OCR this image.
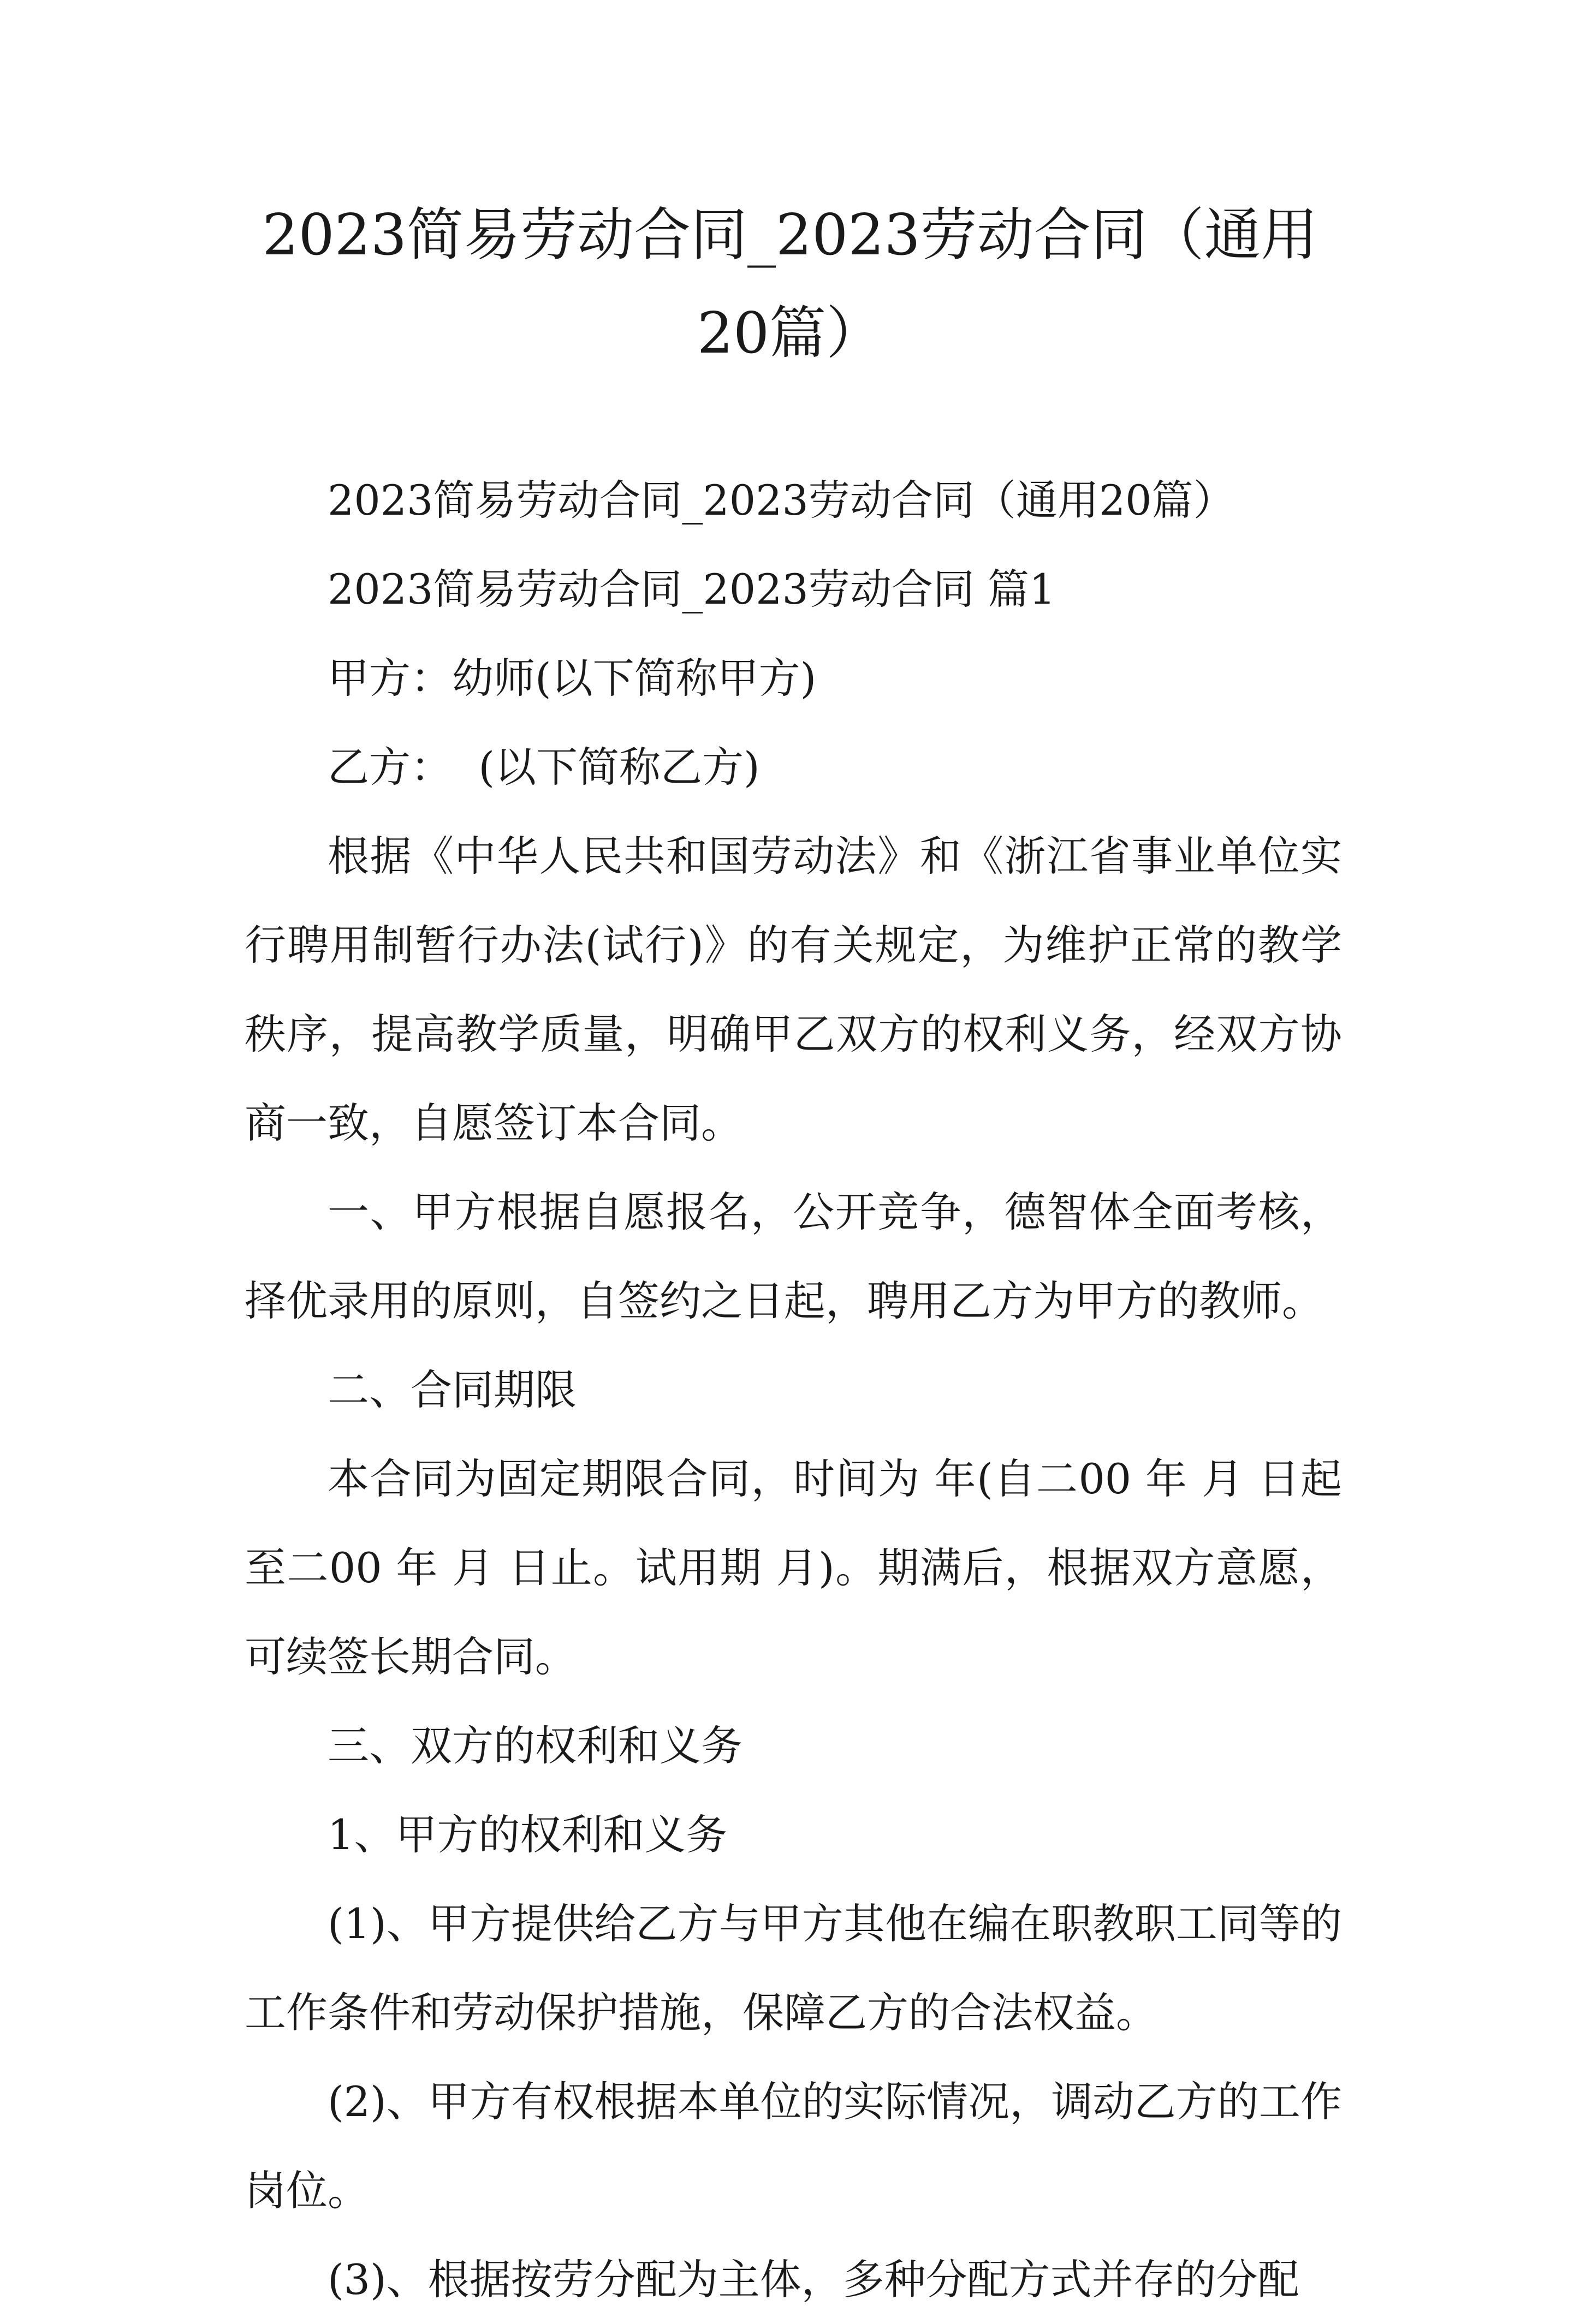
2023简易劳动合同_2023劳动合同（通用20篇）

2023简易劳动合同_2023劳动合同（通用20篇）

2023简易劳动合同_2023劳动合同 篇1

甲方：幼师(以下简称甲方)

乙方：  (以下简称乙方)

根据《中华人民共和国劳动法》和《浙江省事业单位实行聘用制暂行办法(试行)》的有关规定，为维护正常的教学秩序，提高教学质量，明确甲乙双方的权利义务，经双方协商一致，自愿签订本合同。

一、甲方根据自愿报名，公开竞争，德智体全面考核，择优录用的原则，自签约之日起，聘用乙方为甲方的教师。

二、合同期限

本合同为固定期限合同，时间为 年(自二00 年 月 日起至二00 年 月 日止。试用期 月)。期满后，根据双方意愿，可续签长期合同。

三、双方的权利和义务

1、甲方的权利和义务

(1)、甲方提供给乙方与甲方其他在编在职教职工同等的工作条件和劳动保护措施，保障乙方的合法权益。

(2)、甲方有权根据本单位的实际情况，调动乙方的工作岗位。

(3)、根据按劳分配为主体，多种分配方式并存的分配
